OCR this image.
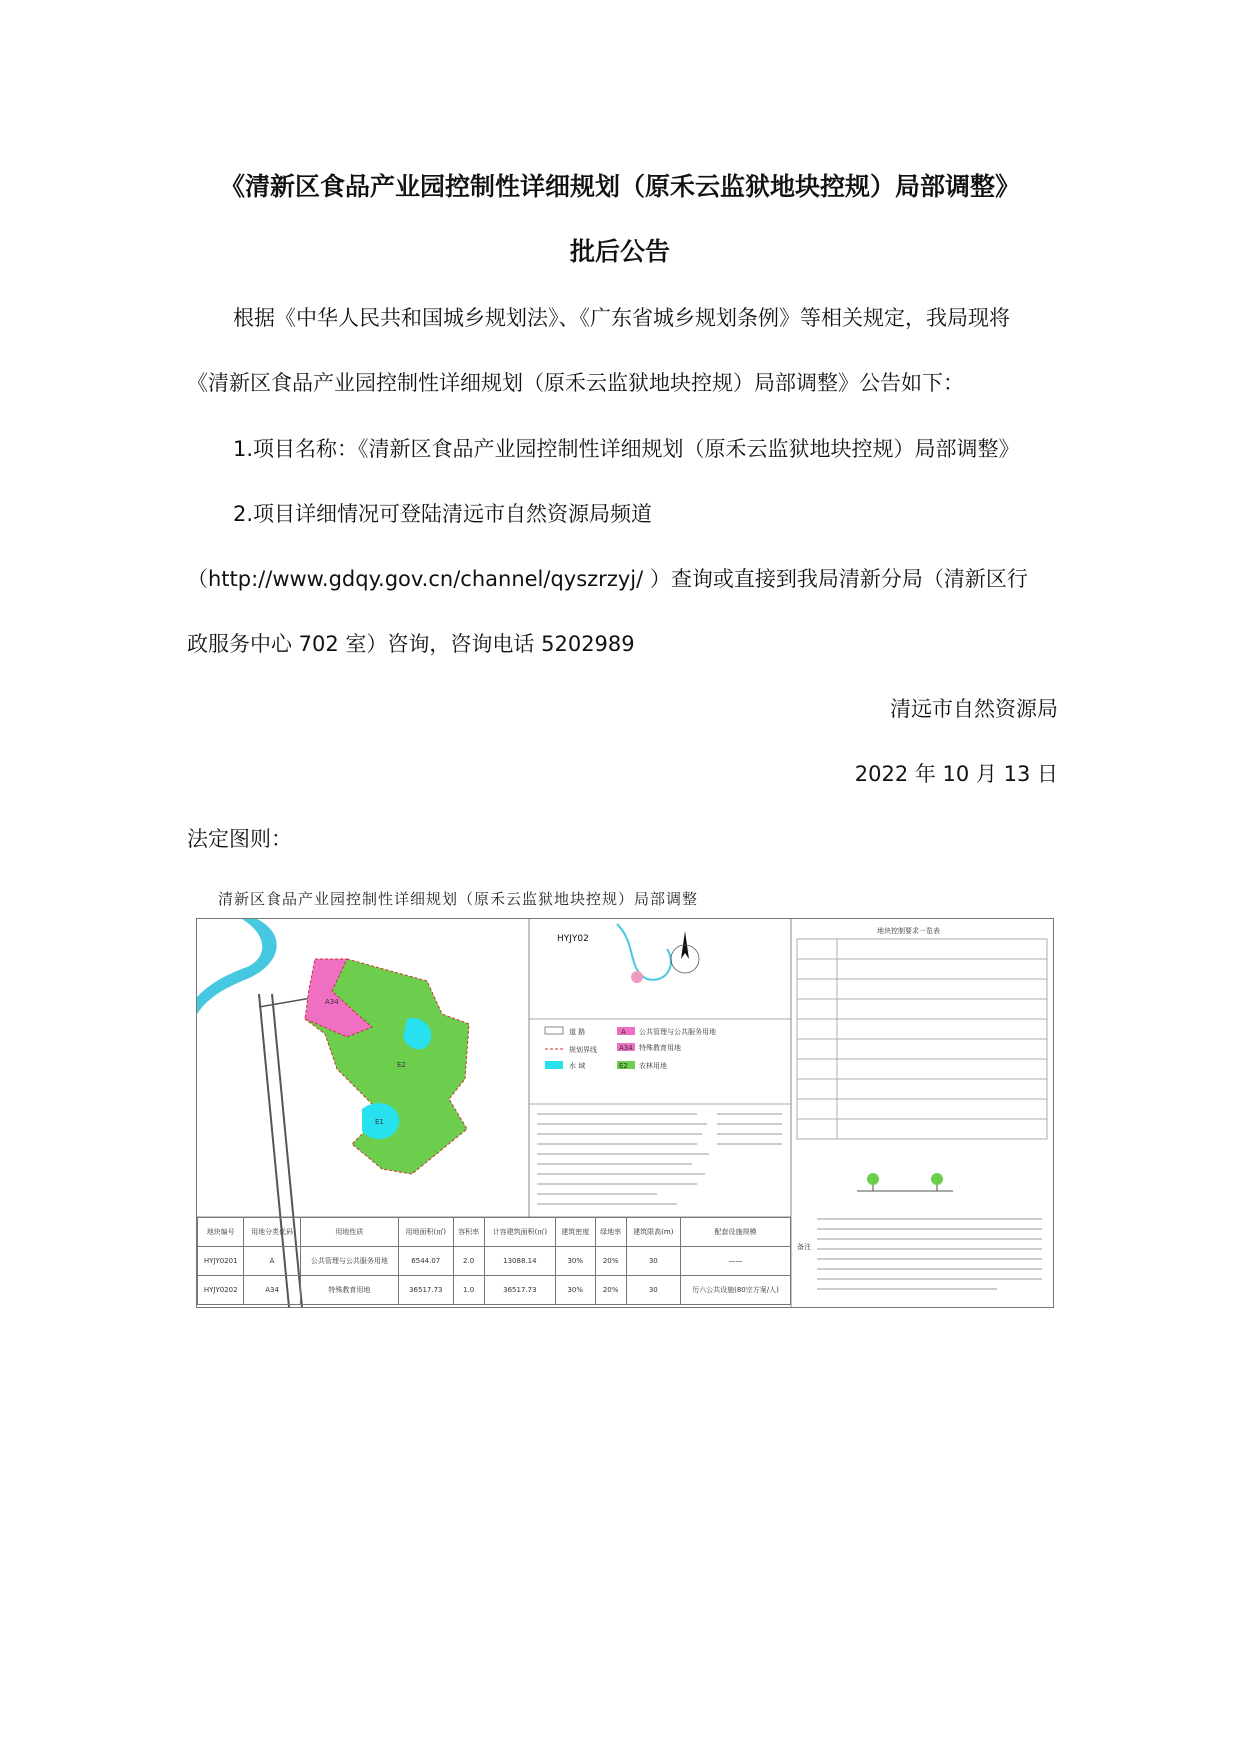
《清新区食品产业园控制性详细规划（原禾云监狱地块控规）局部调整》
批后公告
根据《中华人民共和国城乡规划法》、《广东省城乡规划条例》等相关规定，我局现将
《清新区食品产业园控制性详细规划（原禾云监狱地块控规）局部调整》公告如下：
1.项目名称：《清新区食品产业园控制性详细规划（原禾云监狱地块控规）局部调整》
2.项目详细情况可登陆清远市自然资源局频道
（http://www.gdqy.gov.cn/channel/qyszrzyj/ ）查询或直接到我局清新分局（清新区行
政服务中心 702 室）咨询，咨询电话 5202989
清远市自然资源局
2022 年 10 月 13 日
法定图则：
清新区食品产业园控制性详细规划（原禾云监狱地块控规）局部调整
E1
E2
A34
HYJY02
道 路
规划界线
水 域
A 公共管理与公共服务用地
A34 特殊教育用地
E2 农林用地
地块控制要求一览表
备注
地块编号	用地分类代码	用地性质	用地面积(㎡)	容积率	计容建筑面积(㎡)	建筑密度	绿地率	建筑限高(m)	配套设施规模
HYJY0201	A	公共管理与公共服务用地	6544.07	2.0	13088.14	30%	20%	30	——
HYJY0202	A34	特殊教育用地	36517.73	1.0	36517.73	30%	20%	30	历六公共设施(80宗方案/人)
